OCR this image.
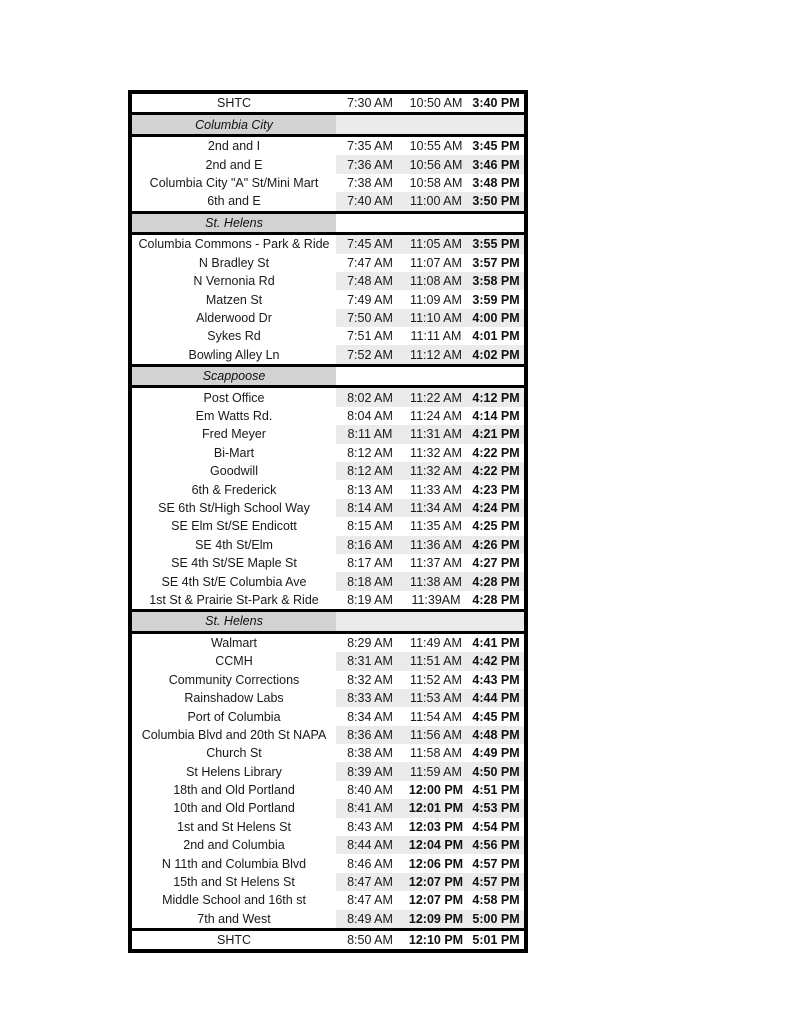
SHTC	7:30 AM	10:50 AM 3:40 PM
Columbia City
2nd and I	7:35 AM	10:55 AM 3:45 PM
2nd and E	7:36 AM	10:56 AM 3:46 PM
Columbia City "A" St/Mini Mart	7:38 AM	10:58 AM 3:48 PM
6th and E	7:40 AM	11:00 AM 3:50 PM
St. Helens
Columbia Commons - Park & Ride	7:45 AM	11:05 AM 3:55 PM
N Bradley St	7:47 AM	11:07 AM 3:57 PM
N Vernonia Rd	7:48 AM	11:08 AM 3:58 PM
Matzen St	7:49 AM	11:09 AM 3:59 PM
Alderwood Dr	7:50 AM	11:10 AM 4:00 PM
Sykes Rd	7:51 AM	11:11 AM 4:01 PM
Bowling Alley Ln	7:52 AM	11:12 AM 4:02 PM
Scappoose
Post Office	8:02 AM	11:22 AM 4:12 PM
Em Watts Rd.	8:04 AM	11:24 AM 4:14 PM
Fred Meyer	8:11 AM	11:31 AM 4:21 PM
Bi-Mart	8:12 AM	11:32 AM 4:22 PM
Goodwill	8:12 AM	11:32 AM 4:22 PM
6th & Frederick	8:13 AM	11:33 AM 4:23 PM
SE 6th St/High School Way	8:14 AM	11:34 AM 4:24 PM
SE Elm St/SE Endicott	8:15 AM	11:35 AM 4:25 PM
SE 4th St/Elm	8:16 AM	11:36 AM 4:26 PM
SE 4th St/SE Maple St	8:17 AM	11:37 AM 4:27 PM
SE 4th St/E Columbia Ave	8:18 AM	11:38 AM 4:28 PM
1st St & Prairie St-Park & Ride	8:19 AM	11:39AM 4:28 PM
St. Helens
Walmart	8:29 AM	11:49 AM 4:41 PM
CCMH	8:31 AM	11:51 AM 4:42 PM
Community Corrections	8:32 AM	11:52 AM 4:43 PM
Rainshadow Labs	8:33 AM	11:53 AM 4:44 PM
Port of Columbia	8:34 AM	11:54 AM 4:45 PM
Columbia Blvd and 20th St NAPA	8:36 AM	11:56 AM 4:48 PM
Church St	8:38 AM	11:58 AM 4:49 PM
St Helens Library	8:39 AM	11:59 AM 4:50 PM
18th and Old Portland	8:40 AM	12:00 PM 4:51 PM
10th and Old Portland	8:41 AM	12:01 PM 4:53 PM
1st and St Helens St	8:43 AM	12:03 PM 4:54 PM
2nd and Columbia	8:44 AM	12:04 PM 4:56 PM
N 11th and Columbia Blvd	8:46 AM	12:06 PM 4:57 PM
15th and St Helens St	8:47 AM	12:07 PM 4:57 PM
Middle School and 16th st	8:47 AM	12:07 PM 4:58 PM
7th and West	8:49 AM	12:09 PM 5:00 PM
SHTC	8:50 AM	12:10 PM 5:01 PM
